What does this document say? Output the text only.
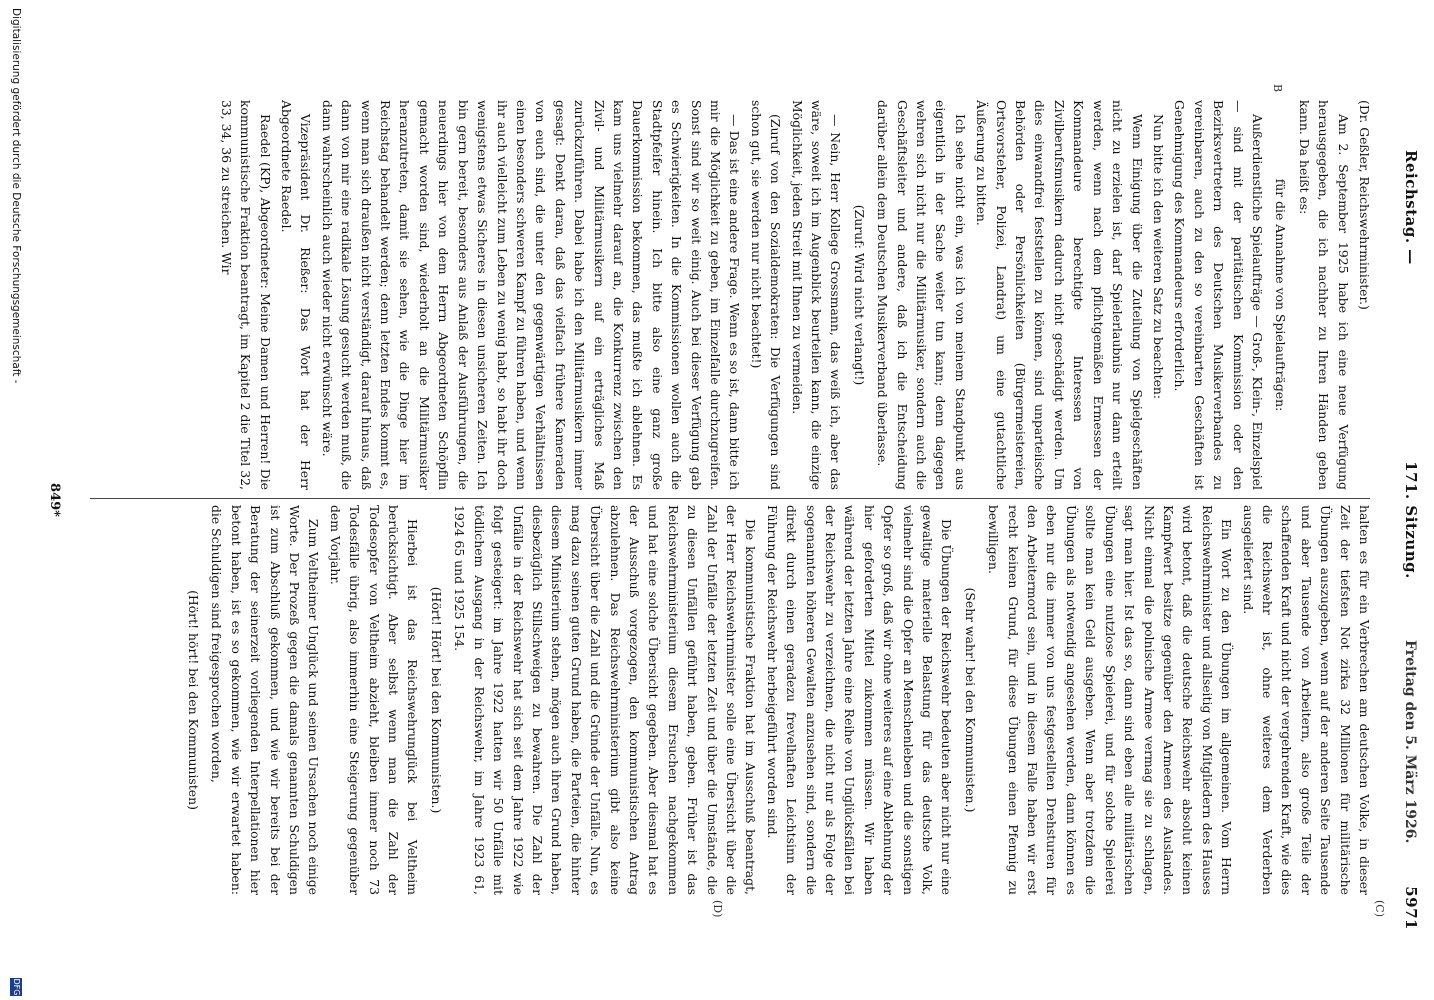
Reichstag. —
171. Sitzung.
5971
Freitag den 5. März 1926.
B
(C)
(D)

(Dr. Geßler, Reichswehrminister.)

Am 2. September 1925 habe ich eine neue Verfügung herausgegeben, die ich nachher zu Ihren Händen geben kann. Da heißt es:

für die Annahme von Spielaufträgen:

Außerdienstliche Spielaufträge — Groß-, Klein-, Einzelspiel — sind mit der paritätischen Kommission oder den Bezirksvertretern des Deutschen Musikerverbandes zu vereinbaren, auch zu den so vereinbarten Geschäften ist Genehmigung des Kommandeurs erforderlich.

Nun bitte ich den weiteren Satz zu beachten:

Wenn Einigung über die Zuteilung von Spielgeschäften nicht zu erzielen ist, darf Spielerlaubnis nur dann erteilt werden, wenn nach dem pflichtgemäßen Ermessen der Kommandeure berechtigte Interessen von Zivilberufsmusikern dadurch nicht geschädigt werden. Um dies einwandfrei feststellen zu können, sind unparteiische Behörden oder Persönlichkeiten (Bürgermeistereien, Ortsvorsteher, Polizei, Landrat) um eine gutachtliche Äußerung zu bitten.

Ich sehe nicht ein, was ich von meinem Standpunkt aus eigentlich in der Sache weiter tun kann; denn dagegen wehren sich nicht nur die Militärmusiker, sondern auch die Geschäftsleiter und andere, daß ich die Entscheidung darüber allein dem Deutschen Musikerverband überlasse.

(Zuruf: Wird nicht verlangt!)

— Nein, Herr Kollege Grossmann, das weiß ich, aber das wäre, soweit ich im Augenblick beurteilen kann, die einzige Möglichkeit, jeden Streit mit Ihnen zu vermeiden.

(Zuruf von den Sozialdemokraten: Die Verfügungen sind schon gut, sie werden nur nicht beachtet!)

— Das ist eine andere Frage. Wenn es so ist, dann bitte ich mir die Möglichkeit zu geben, im Einzelfalle durchzugreifen. Sonst sind wir so weit einig. Auch bei dieser Verfügung gab es Schwierigkeiten. In die Kommissionen wollen auch die Stadtpfeifer hinein. Ich bitte also eine ganz große Dauerkommission bekommen, das mußte ich ablehnen. Es kam uns vielmehr darauf an, die Konkurrenz zwischen den Zivil- und Militärmusikern auf ein erträgliches Maß zurückzuführen. Dabei habe ich den Militärmusikern immer gesagt: Denkt daran, daß das vielfach frühere Kameraden von euch sind, die unter den gegenwärtigen Verhältnissen einen besonders schweren Kampf zu führen haben, und wenn ihr auch vielleicht zum Leben zu wenig habt, so habt ihr doch wenigstens etwas Sicheres in diesen unsicheren Zeiten. Ich bin gern bereit, besonders aus Anlaß der Ausführungen, die neuerdings hier von dem Herrn Abgeordneten Schöpflin gemacht worden sind, wiederholt an die Militärmusiker heranzutreten, damit sie sehen, wie die Dinge hier im Reichstag behandelt werden; denn letzten Endes kommt es, wenn man sich draußen nicht verständigt, darauf hinaus, daß dann von mir eine radikale Lösung gesucht werden muß, die dann wahrscheinlich auch wieder nicht erwünscht wäre.

Vizepräsident Dr. Rießer: Das Wort hat der Herr Abgeordnete Raedel.

Raedel (KP), Abgeordneter: Meine Damen und Herren! Die kommunistische Fraktion beantragt, im Kapitel 2 die Titel 32, 33, 34, 36 zu streichen. Wir

halten es für ein Verbrechen am deutschen Volke, in dieser Zeit der tiefsten Not zirka 32 Millionen für militärische Übungen auszugeben, wenn auf der anderen Seite Tausende und aber Tausende von Arbeitern, also große Teile der schaffenden Kraft und nicht der vergehrenden Kraft, wie dies die Reichswehr ist, ohne weiteres dem Verderben ausgeliefert sind.

Ein Wort zu den Übungen im allgemeinen. Vom Herrn Reichswehrminister und allseitig von Mitgliedern des Hauses wird betont, daß die deutsche Reichswehr absolut keinen Kampfwert besitze gegenüber den Armeen des Auslandes. Nicht einmal die polnische Armee vermag sie zu schlagen, sagt man hier. Ist das so, dann sind eben alle militärischen Übungen eine nutzlose Spielerei, und für solche Spielerei sollte man kein Geld ausgeben. Wenn aber trotzdem die Übungen als notwendig angesehen werden, dann können es eben nur die immer von uns festgestellten Drehsturen für den Arbeitermord sein, und in diesem Falle haben wir erst recht keinen Grund, für diese Übungen einen Pfennig zu bewilligen.

(Sehr wahr! bei den Kommunisten.)

Die Übungen der Reichswehr bedeuten aber nicht nur eine gewaltige materielle Belastung für das deutsche Volk, vielmehr sind die Opfer an Menschenleben und die sonstigen Opfer so groß, daß wir ohne weiteres auf eine Ablehnung der hier geforderten Mittel zukommen müssen. Wir haben während der letzten Jahre eine Reihe von Unglücksfällen bei der Reichswehr zu verzeichnen, die nicht nur als Folge der sogenannten höheren Gewalten anzusehen sind, sondern die direkt durch einen geradezu frevelhaften Leichtsinn der Führung der Reichswehr herbeigeführt worden sind.

Die kommunistische Fraktion hat im Ausschuß beantragt, der Herr Reichswehrminister solle eine Übersicht über die Zahl der Unfälle der letzten Zeit und über die Umstände, die zu diesen Unfällen geführt haben, geben. Früher ist das Reichswehrministerium diesem Ersuchen nachgekommen und hat eine solche Übersicht gegeben. Aber diesmal hat es der Ausschuß vorgezogen, den kommunistischen Antrag abzulehnen. Das Reichswehrministerium gibt also keine Übersicht über die Zahl und die Gründe der Unfälle. Nun, es mag dazu seinen guten Grund haben, die Parteien, die hinter diesem Ministerium stehen, mögen auch ihren Grund haben, diesbezüglich Stillschweigen zu bewahren. Die Zahl der Unfälle in der Reichswehr hat sich seit dem Jahre 1922 wie folgt gesteigert: im Jahre 1922 hatten wir 50 Unfälle mit tödlichem Ausgang in der Reichswehr, im Jahre 1923 61, 1924 65 und 1925 154.

(Hört! Hört! bei den Kommunisten.)

Hierbei ist das Reichswehrunglück bei Veltheim berücksichtigt. Aber selbst wenn man die Zahl der Todesopfer von Veltheim abzieht, bleiben immer noch 73 Todesfälle übrig, also immerhin eine Steigerung gegenüber dem Vorjahr.

Zum Veltheimer Unglück und seinen Ursachen noch einige Worte. Der Prozeß gegen die damals genannten Schuldigen ist zum Abschluß gekommen, und wie wir bereits bei der Beratung der seinerzeit vorliegenden Interpellationen hier betont haben, ist es so gekommen, wie wir erwartet haben: die Schuldigen sind freigesprochen worden,

(Hört! hört! bei den Kommunisten)

849*
Digitalisierung gefördert durch die Deutsche Forschungsgemeinschaft -
DFG
